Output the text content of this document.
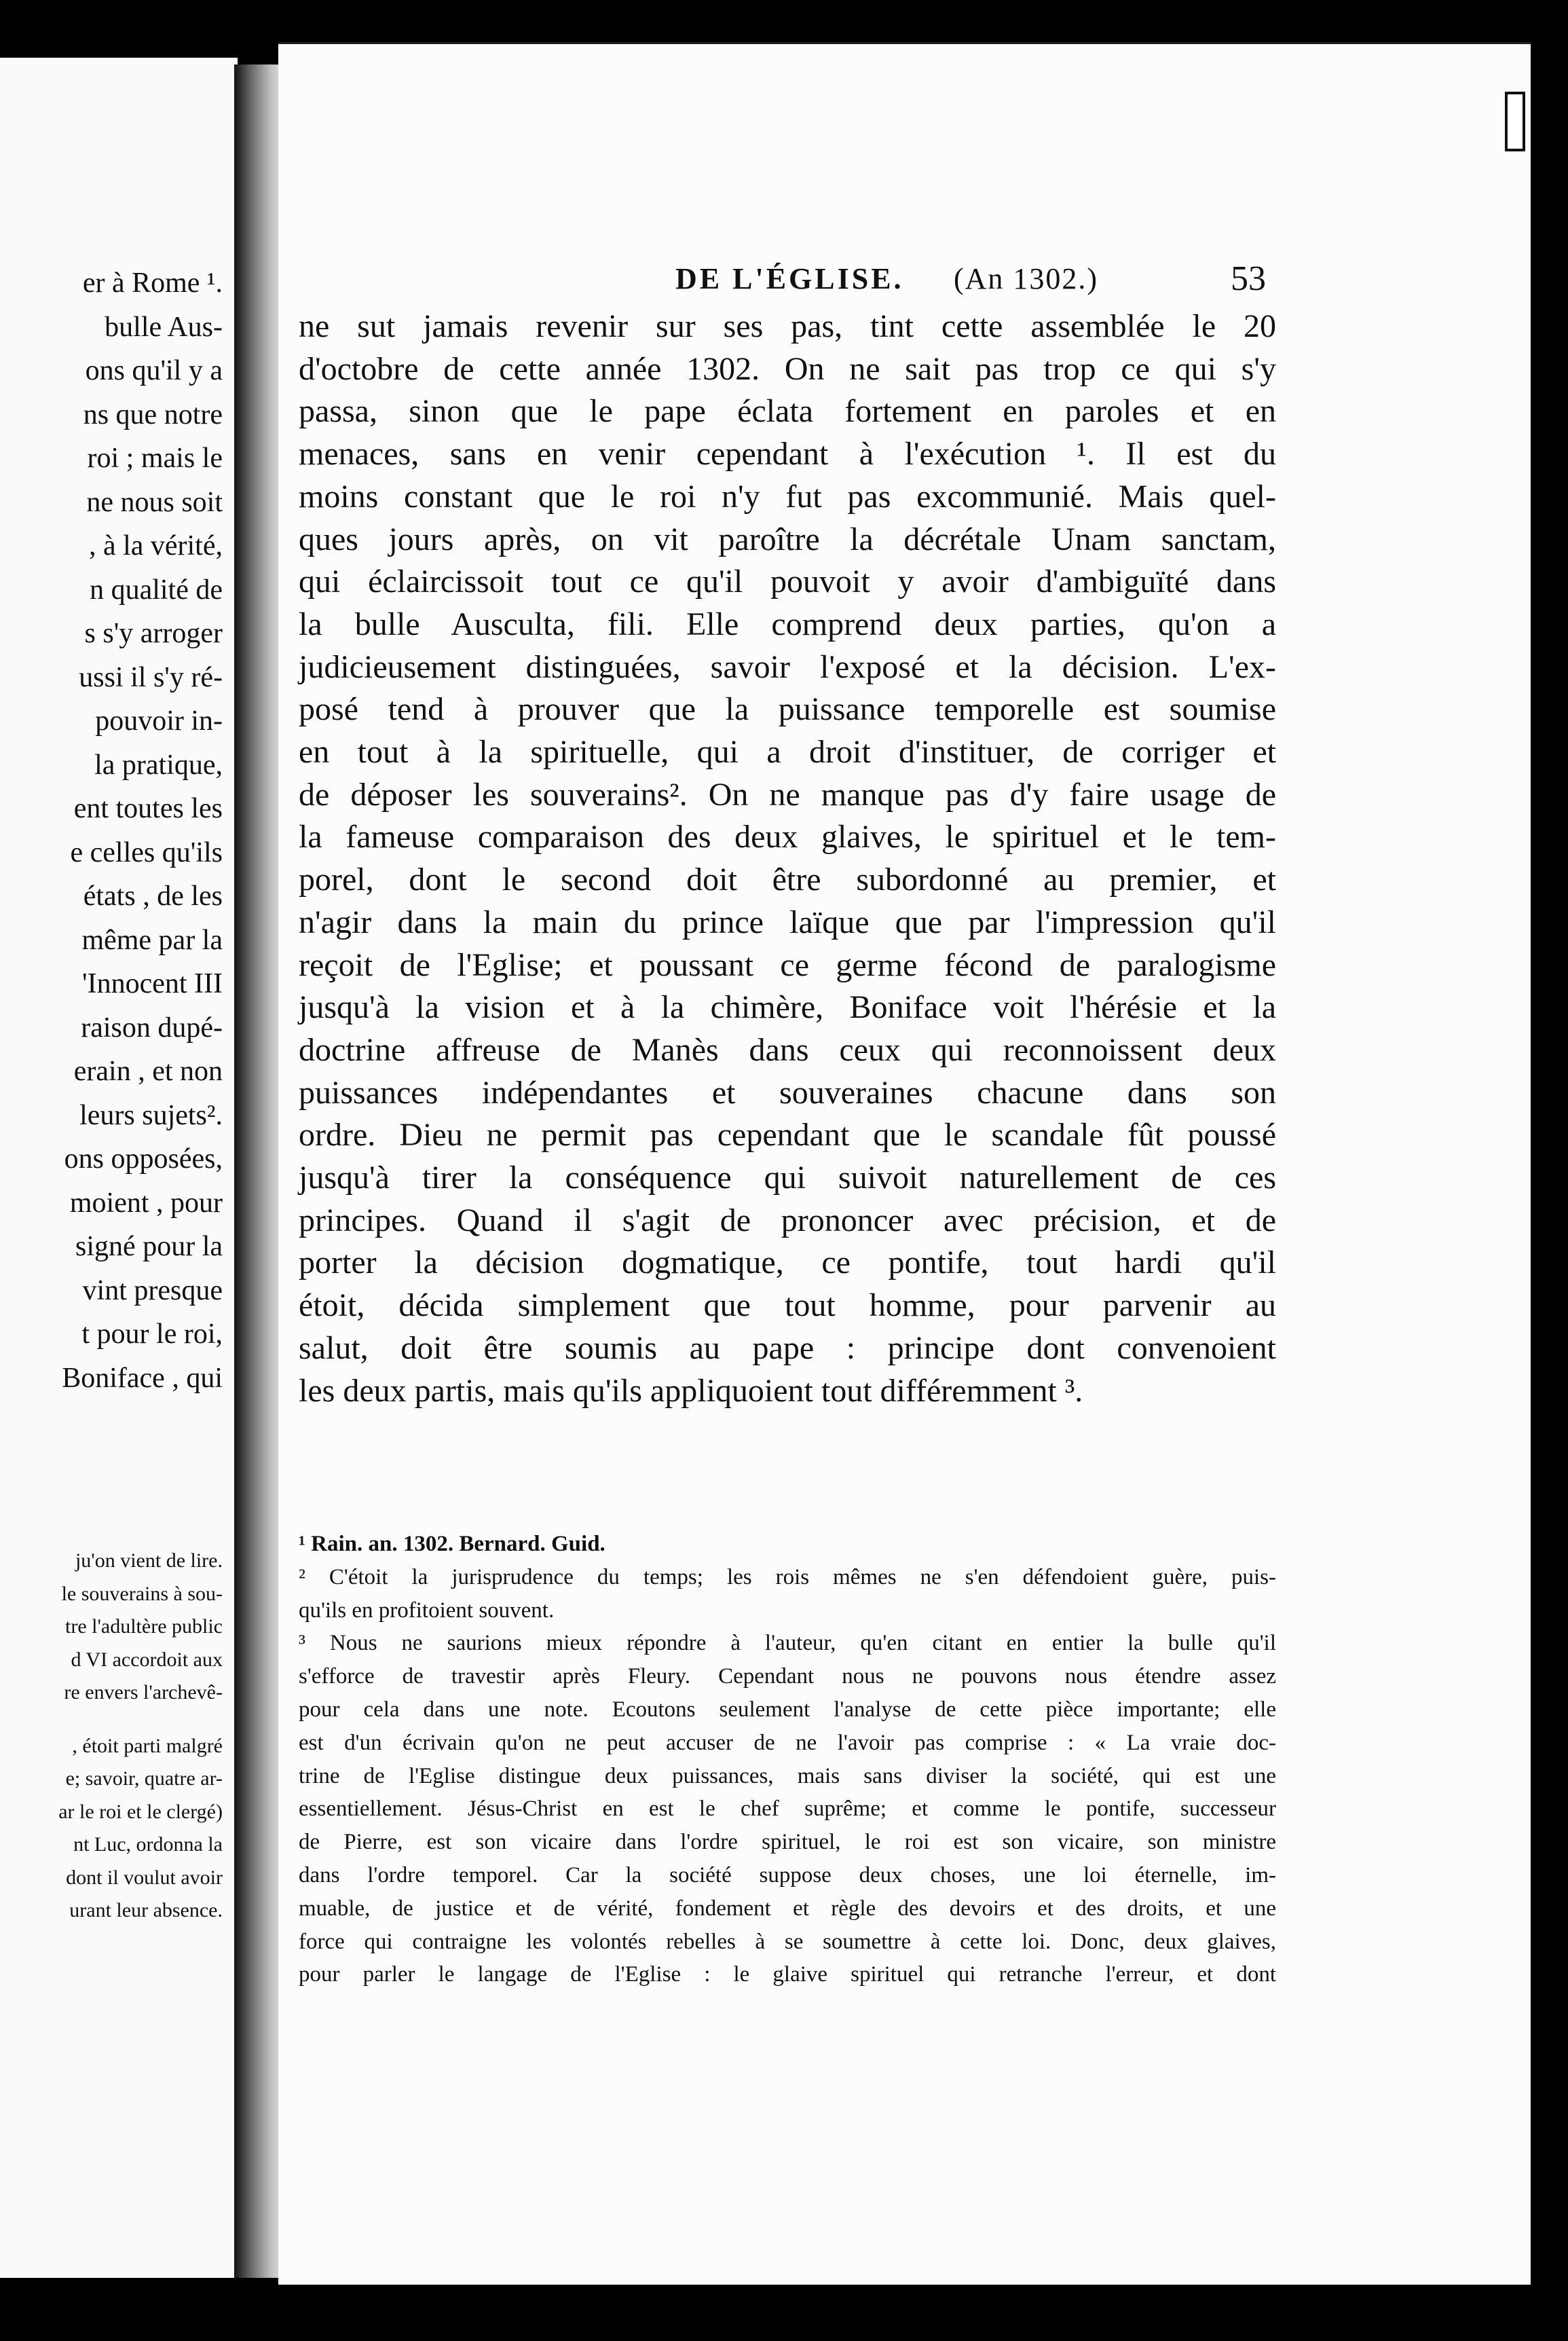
er à Rome ¹.
bulle Aus-
ons qu'il y a
ns que notre
roi ; mais le
ne nous soit
, à la vérité,
n qualité de
s s'y arroger
ussi il s'y ré-
pouvoir in-
la pratique,
ent toutes les
e celles qu'ils
états , de les
même par la
'Innocent III
raison dupé-
erain , et non
leurs sujets².
ons opposées,
moient , pour
signé pour la
vint presque
t pour le roi,
Boniface , qui
ju'on vient de lire.
le souverains à sou-
tre l'adultère public
d VI accordoit aux
re envers l'archevê-
, étoit parti malgré
e; savoir, quatre ar-
ar le roi et le clergé)
nt Luc, ordonna la
dont il voulut avoir
urant leur absence.
DE L'ÉGLISE. (An 1302.)	53
ne sut jamais revenir sur ses pas, tint cette assemblée le 20
d'octobre de cette année 1302. On ne sait pas trop ce qui s'y
passa, sinon que le pape éclata fortement en paroles et en
menaces, sans en venir cependant à l'exécution ¹. Il est du
moins constant que le roi n'y fut pas excommunié. Mais quel-
ques jours après, on vit paroître la décrétale Unam sanctam,
qui éclaircissoit tout ce qu'il pouvoit y avoir d'ambiguïté dans
la bulle Ausculta, fili. Elle comprend deux parties, qu'on a
judicieusement distinguées, savoir l'exposé et la décision. L'ex-
posé tend à prouver que la puissance temporelle est soumise
en tout à la spirituelle, qui a droit d'instituer, de corriger et
de déposer les souverains². On ne manque pas d'y faire usage de
la fameuse comparaison des deux glaives, le spirituel et le tem-
porel, dont le second doit être subordonné au premier, et
n'agir dans la main du prince laïque que par l'impression qu'il
reçoit de l'Eglise; et poussant ce germe fécond de paralogisme
jusqu'à la vision et à la chimère, Boniface voit l'hérésie et la
doctrine affreuse de Manès dans ceux qui reconnoissent deux
puissances indépendantes et souveraines chacune dans son
ordre. Dieu ne permit pas cependant que le scandale fût poussé
jusqu'à tirer la conséquence qui suivoit naturellement de ces
principes. Quand il s'agit de prononcer avec précision, et de
porter la décision dogmatique, ce pontife, tout hardi qu'il
étoit, décida simplement que tout homme, pour parvenir au
salut, doit être soumis au pape : principe dont convenoient
les deux partis, mais qu'ils appliquoient tout différemment ³.
¹ Rain. an. 1302. Bernard. Guid.
² C'étoit la jurisprudence du temps; les rois mêmes ne s'en défendoient guère, puis-
qu'ils en profitoient souvent.
³ Nous ne saurions mieux répondre à l'auteur, qu'en citant en entier la bulle qu'il
s'efforce de travestir après Fleury. Cependant nous ne pouvons nous étendre assez
pour cela dans une note. Ecoutons seulement l'analyse de cette pièce importante; elle
est d'un écrivain qu'on ne peut accuser de ne l'avoir pas comprise : « La vraie doc-
trine de l'Eglise distingue deux puissances, mais sans diviser la société, qui est une
essentiellement. Jésus-Christ en est le chef suprême; et comme le pontife, successeur
de Pierre, est son vicaire dans l'ordre spirituel, le roi est son vicaire, son ministre
dans l'ordre temporel. Car la société suppose deux choses, une loi éternelle, im-
muable, de justice et de vérité, fondement et règle des devoirs et des droits, et une
force qui contraigne les volontés rebelles à se soumettre à cette loi. Donc, deux glaives,
pour parler le langage de l'Eglise : le glaive spirituel qui retranche l'erreur, et dont
